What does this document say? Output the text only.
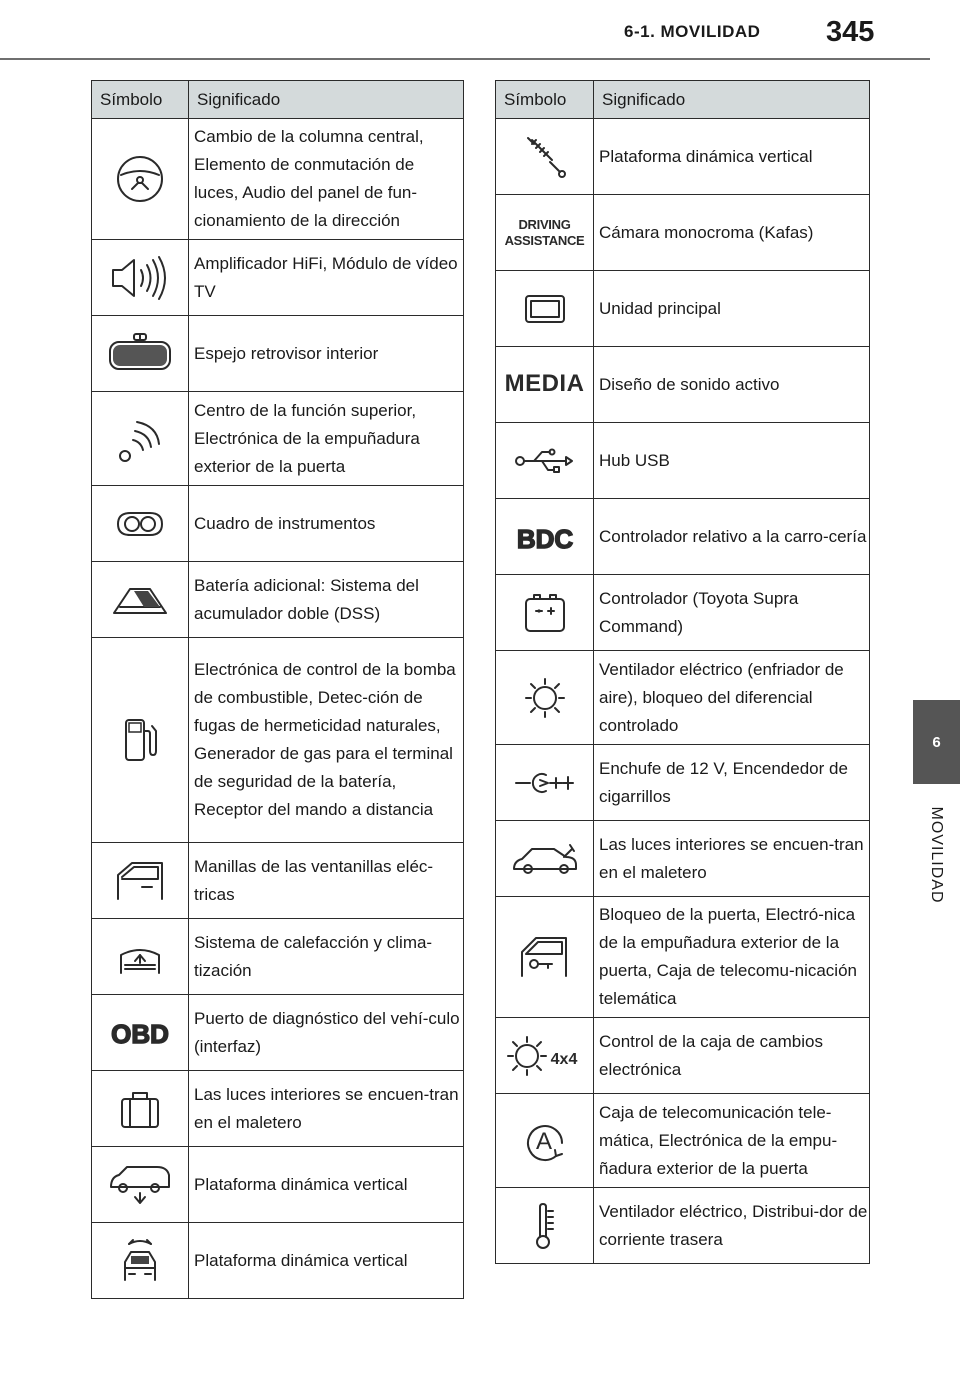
6-1. MOVILIDAD 345
6
MOVILIDAD
Símbolo	Significado
	Cambio de la columna central, Elemento de conmutación de luces, Audio del panel de fun-cionamiento de la dirección
	Amplificador HiFi, Módulo de vídeo TV
	Espejo retrovisor interior
	Centro de la función superior, Electrónica de la empuñadura exterior de la puerta
	Cuadro de instrumentos
	Batería adicional: Sistema del acumulador doble (DSS)
	Electrónica de control de la bomba de combustible, Detec-ción de fugas de hermeticidad naturales, Generador de gas para el terminal de seguridad de la batería, Receptor del mando a distancia
	Manillas de las ventanillas eléc-tricas
	Sistema de calefacción y clima-tización

OBD	Puerto de diagnóstico del vehí-culo (interfaz)
	Las luces interiores se encuen-tran en el maletero
	Plataforma dinámica vertical
	Plataforma dinámica vertical
Símbolo	Significado
	Plataforma dinámica vertical

DRIVING
ASSISTANCE	Cámara monocroma (Kafas)
	Unidad principal
MEDIA	Diseño de sonido activo
	Hub USB

BDC	Controlador relativo a la carro-cería
	Controlador (Toyota Supra Command)
	Ventilador eléctrico (enfriador de aire), bloqueo del diferencial controlado
	Enchufe de 12 V, Encendedor de cigarrillos
	Las luces interiores se encuen-tran en el maletero
	Bloqueo de la puerta, Electró-nica de la empuñadura exterior de la puerta, Caja de telecomu-nicación telemática

4x4	Control de la caja de cambios electrónica

A	Caja de telecomunicación tele-mática, Electrónica de la empu-ñadura exterior de la puerta
	Ventilador eléctrico, Distribui-dor de corriente trasera
